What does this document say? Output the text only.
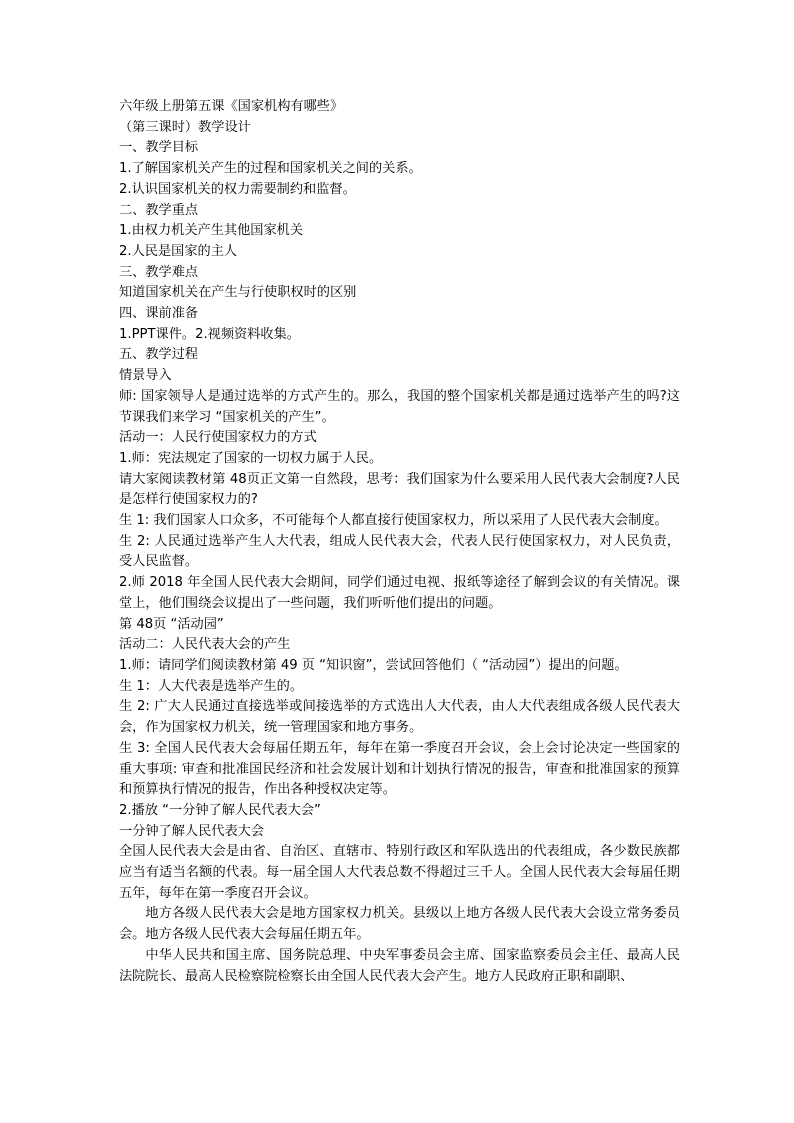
六年级上册第五课《国家机构有哪些》

（第三课时）教学设计

一、教学目标

1.了解国家机关产生的过程和国家机关之间的关系。

2.认识国家机关的权力需要制约和监督。

二、教学重点

1.由权力机关产生其他国家机关

2.人民是国家的主人

三、教学难点

知道国家机关在产生与行使职权时的区别

四、课前准备

1.PPT课件。2.视频资料收集。

五、教学过程

情景导入

师: 国家领导人是通过选举的方式产生的。那么，我国的整个国家机关都是通过选举产生的吗?这节课我们来学习 “国家机关的产生”。

活动一：人民行使国家权力的方式

1.师：宪法规定了国家的一切权力属于人民。

请大家阅读教材第 48页正文第一自然段，思考：我们国家为什么要采用人民代表大会制度?人民是怎样行使国家权力的?

生 1: 我们国家人口众多，不可能每个人都直接行使国家权力，所以采用了人民代表大会制度。

生 2: 人民通过选举产生人大代表，组成人民代表大会，代表人民行使国家权力，对人民负责，受人民监督。

2.师 2018 年全国人民代表大会期间，同学们通过电视、报纸等途径了解到会议的有关情况。课堂上，他们围绕会议提出了一些问题，我们听听他们提出的问题。

第 48页 “活动园”

活动二：人民代表大会的产生

1.师：请同学们阅读教材第 49 页 “知识窗”，尝试回答他们（ “活动园”）提出的问题。

生 1：人大代表是选举产生的。

生 2: 广大人民通过直接选举或间接选举的方式选出人大代表，由人大代表组成各级人民代表大会，作为国家权力机关，统一管理国家和地方事务。

生 3: 全国人民代表大会每届任期五年，每年在第一季度召开会议，会上会讨论决定一些国家的重大事项: 审查和批准国民经济和社会发展计划和计划执行情况的报告，审查和批准国家的预算和预算执行情况的报告，作出各种授权决定等。

2.播放 “一分钟了解人民代表大会”

一分钟了解人民代表大会

全国人民代表大会是由省、自治区、直辖市、特别行政区和军队选出的代表组成，各少数民族都应当有适当名额的代表。每一届全国人大代表总数不得超过三千人。全国人民代表大会每届任期五年，每年在第一季度召开会议。

地方各级人民代表大会是地方国家权力机关。县级以上地方各级人民代表大会设立常务委员会。地方各级人民代表大会每届任期五年。

中华人民共和国主席、国务院总理、中央军事委员会主席、国家监察委员会主任、最高人民法院院长、最高人民检察院检察长由全国人民代表大会产生。地方人民政府正职和副职、
